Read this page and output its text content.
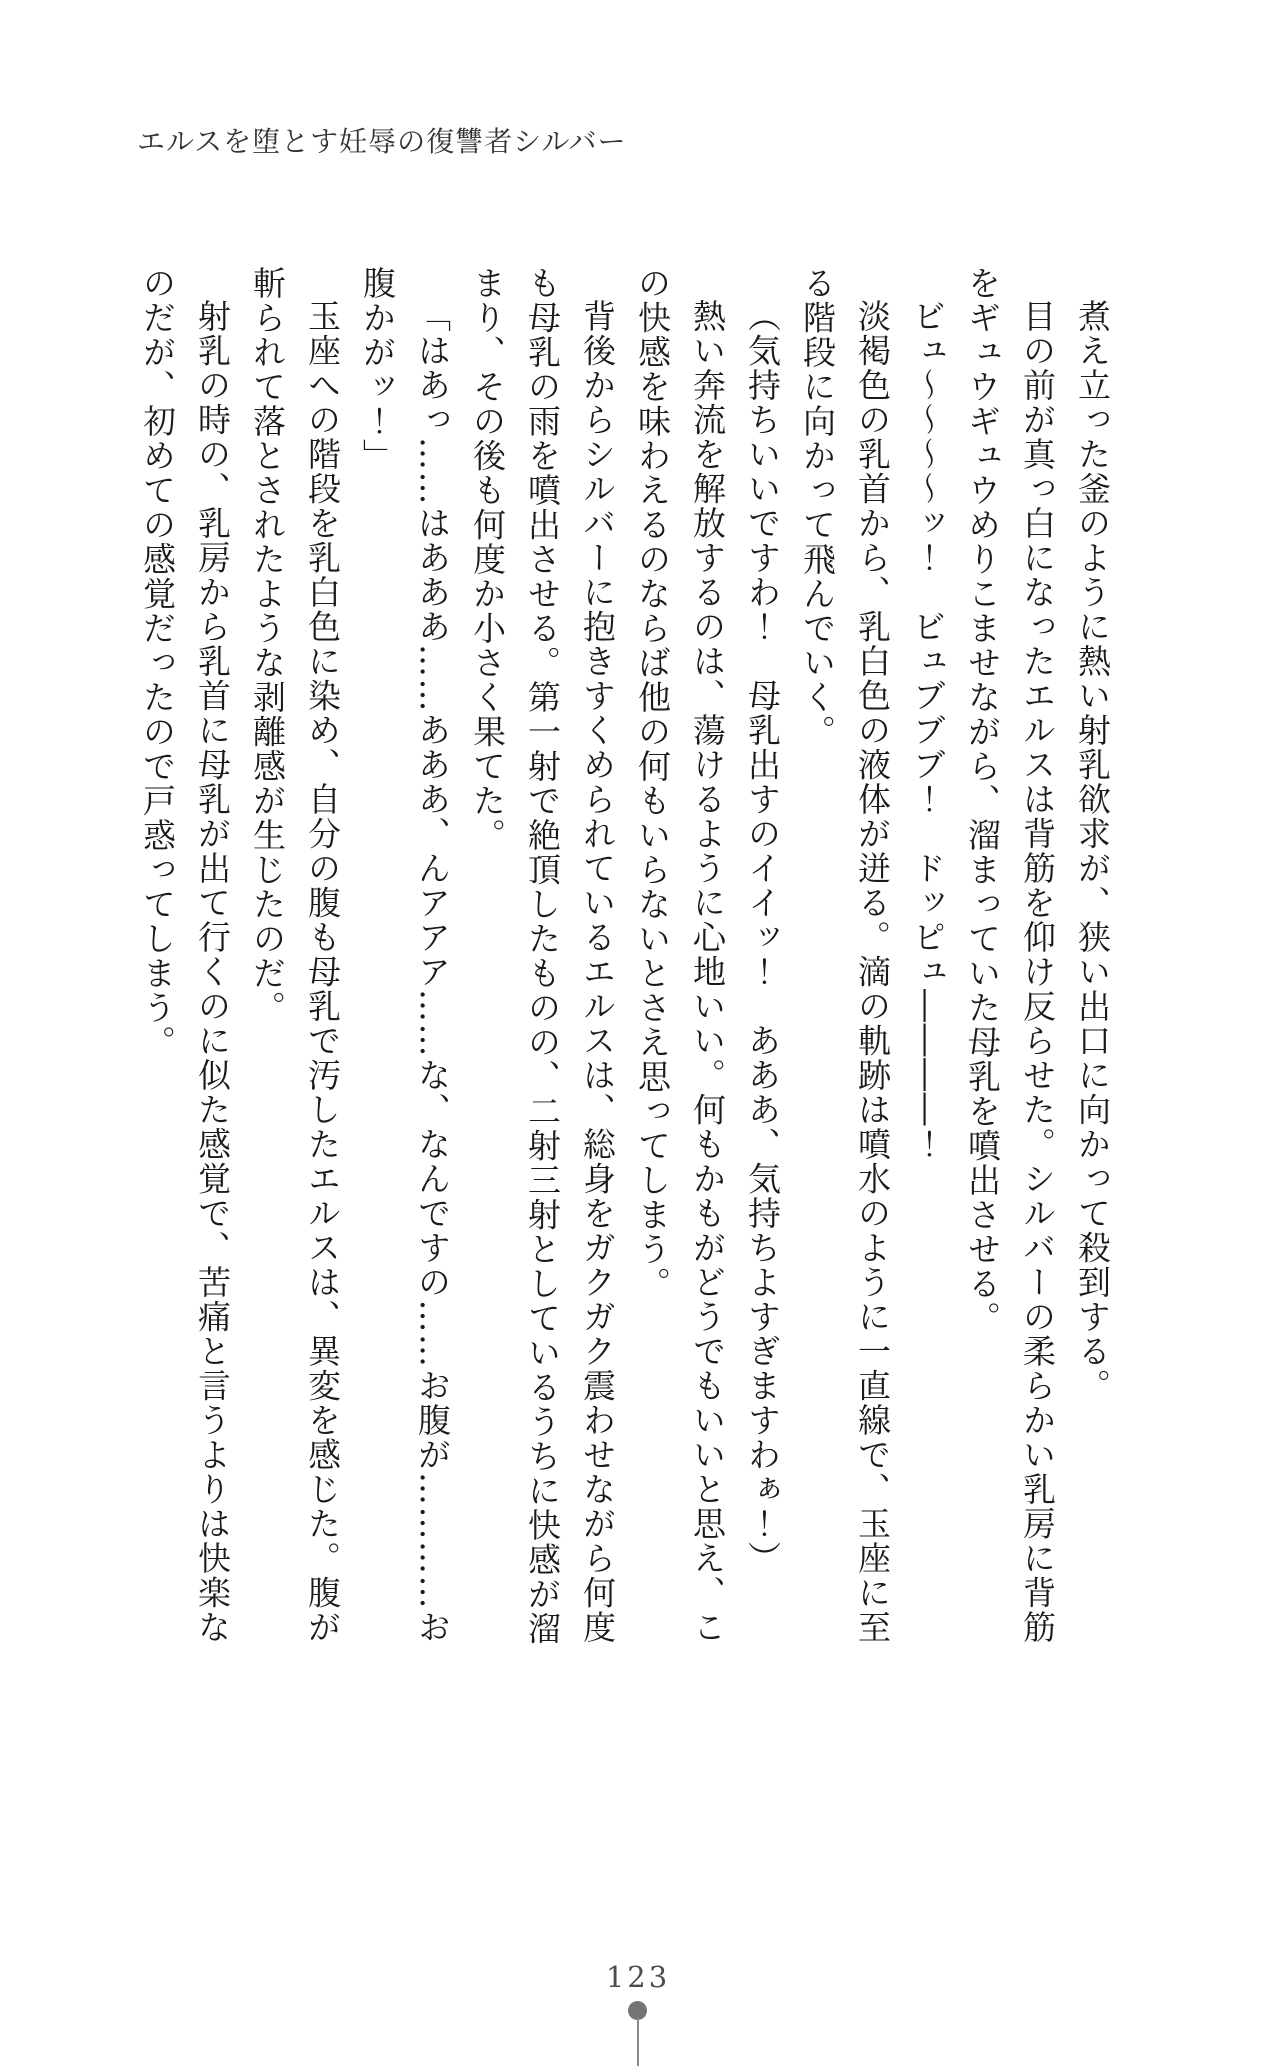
エルスを堕とす妊辱の復讐者シルバー

煮え立った釜のように熱い射乳欲求が、狭い出口に向かって殺到する。

目の前が真っ白になったエルスは背筋を仰け反らせた。シルバーの柔らかい乳房に背筋をギュウギュウめりこませながら、溜まっていた母乳を噴出させる。

ビュ～～～～ッ！　ビュブブブ！　ドッピュ――――！

淡褐色の乳首から、乳白色の液体が迸る。滴の軌跡は噴水のように一直線で、玉座に至る階段に向かって飛んでいく。

（気持ちいいですわ！　母乳出すのイイッ！　あああ、気持ちよすぎますわぁ！）

熱い奔流を解放するのは、蕩けるように心地いい。何もかもがどうでもいいと思え、この快感を味わえるのならば他の何もいらないとさえ思ってしまう。

背後からシルバーに抱きすくめられているエルスは、総身をガクガク震わせながら何度も母乳の雨を噴出させる。第一射で絶頂したものの、二射三射としているうちに快感が溜まり、その後も何度か小さく果てた。

「はあっ……はあああ……あああ、んアアア……な、なんですの……お腹が…………お腹かがッ！」

玉座への階段を乳白色に染め、自分の腹も母乳で汚したエルスは、異変を感じた。腹が斬られて落とされたような剥離感が生じたのだ。

射乳の時の、乳房から乳首に母乳が出て行くのに似た感覚で、苦痛と言うよりは快楽なのだが、初めての感覚だったので戸惑ってしまう。

123
